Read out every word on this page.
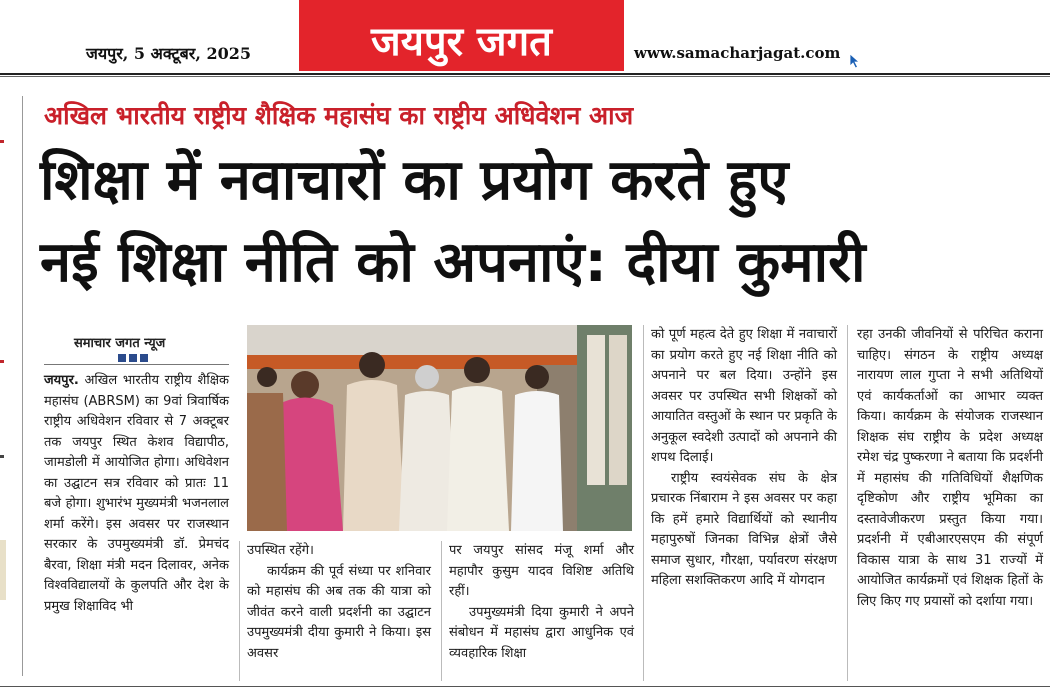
जयपुर, 5 अक्टूबर, 2025	जयपुर जगत	www.samacharjagat.com
अखिल भारतीय राष्ट्रीय शैक्षिक महासंघ का राष्ट्रीय अधिवेशन आज
शिक्षा में नवाचारों का प्रयोग करते हुए
नई शिक्षा नीति को अपनाएं: दीया कुमारी
समाचार जगत न्यूज

जयपुर. अखिल भारतीय राष्ट्रीय शैक्षिक महासंघ (ABRSM) का 9वां त्रिवार्षिक राष्ट्रीय अधिवेशन रविवार से 7 अक्टूबर तक जयपुर स्थित केशव विद्यापीठ, जामडोली में आयोजित होगा। अधिवेशन का उद्घाटन सत्र रविवार को प्रातः 11 बजे होगा। शुभारंभ मुख्यमंत्री भजनलाल शर्मा करेंगे। इस अवसर पर राजस्थान सरकार के उपमुख्यमंत्री डॉ. प्रेमचंद बैरवा, शिक्षा मंत्री मदन दिलावर, अनेक विश्वविद्यालयों के कुलपति और देश के प्रमुख शिक्षाविद भी

उपस्थित रहेंगे।

कार्यक्रम की पूर्व संध्या पर शनिवार को महासंघ की अब तक की यात्रा को जीवंत करने वाली प्रदर्शनी का उद्घाटन उपमुख्यमंत्री दीया कुमारी ने किया। इस अवसर

पर जयपुर सांसद मंजू शर्मा और महापौर कुसुम यादव विशिष्ट अतिथि रहीं।

उपमुख्यमंत्री दिया कुमारी ने अपने संबोधन में महासंघ द्वारा आधुनिक एवं व्यवहारिक शिक्षा

को पूर्ण महत्व देते हुए शिक्षा में नवाचारों का प्रयोग करते हुए नई शिक्षा नीति को अपनाने पर बल दिया। उन्होंने इस अवसर पर उपस्थित सभी शिक्षकों को आयातित वस्तुओं के स्थान पर प्रकृति के अनुकूल स्वदेशी उत्पादों को अपनाने की शपथ दिलाई।

राष्ट्रीय स्वयंसेवक संघ के क्षेत्र प्रचारक निंबाराम ने इस अवसर पर कहा कि हमें हमारे विद्यार्थियों को स्थानीय महापुरुषों जिनका विभिन्न क्षेत्रों जैसे समाज सुधार, गौरक्षा, पर्यावरण संरक्षण महिला सशक्तिकरण आदि में योगदान

रहा उनकी जीवनियों से परिचित कराना चाहिए। संगठन के राष्ट्रीय अध्यक्ष नारायण लाल गुप्ता ने सभी अतिथियों एवं कार्यकर्ताओं का आभार व्यक्त किया। कार्यक्रम के संयोजक राजस्थान शिक्षक संघ राष्ट्रीय के प्रदेश अध्यक्ष रमेश चंद्र पुष्करणा ने बताया कि प्रदर्शनी में महासंघ की गतिविधियों शैक्षणिक दृष्टिकोण और राष्ट्रीय भूमिका का दस्तावेजीकरण प्रस्तुत किया गया। प्रदर्शनी में एबीआरएसएम की संपूर्ण विकास यात्रा के साथ 31 राज्यों में आयोजित कार्यक्रमों एवं शिक्षक हितों के लिए किए गए प्रयासों को दर्शाया गया।
